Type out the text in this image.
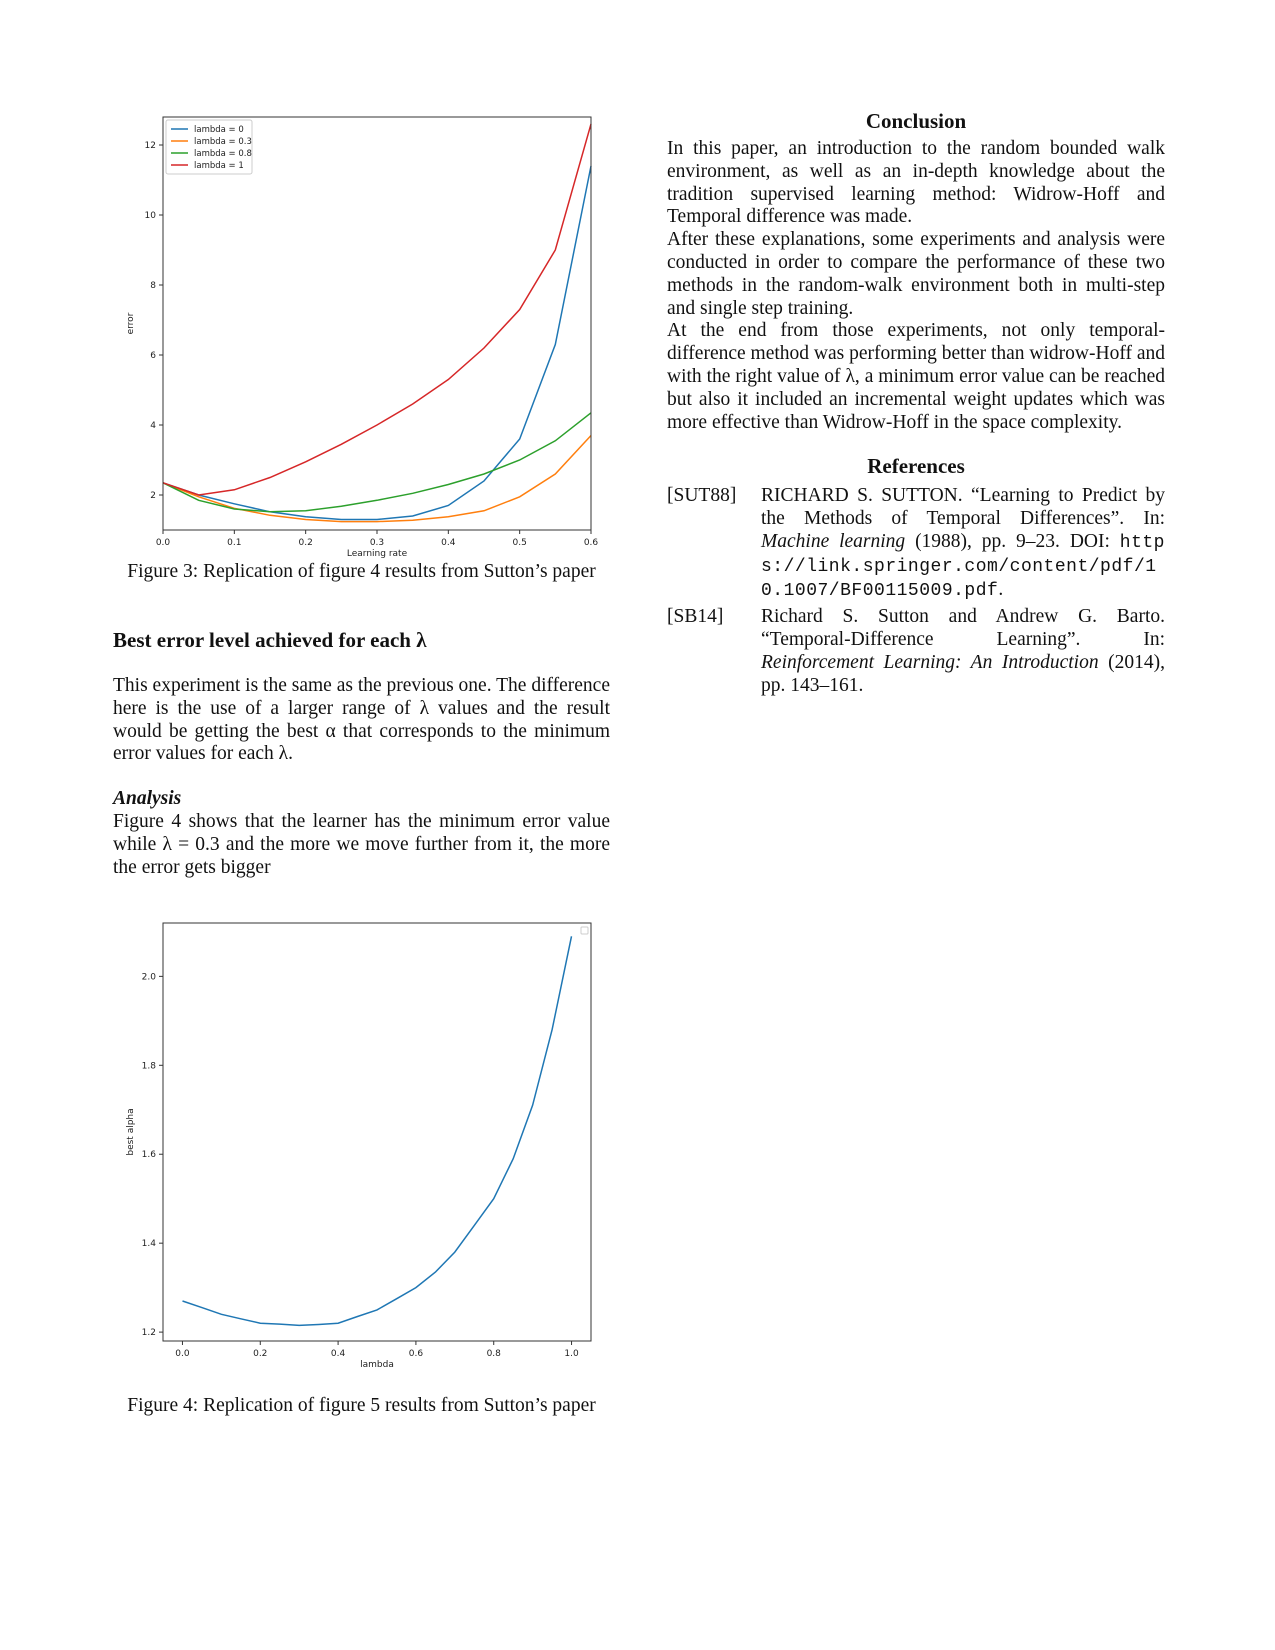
0.0	0.1	0.2	0.3	0.4	0.5	0.6
2
4
6
8
10
12
Learning rate
error
lambda = 0
lambda = 0.3
lambda = 0.8
lambda = 1

Figure 3: Replication of figure 4 results from Sutton’s paper

Best error level achieved for each λ

This experiment is the same as the previous one. The difference here is the use of a larger range of λ values and the result would be getting the best α that corresponds to the minimum error values for each λ.

Analysis

Figure 4 shows that the learner has the minimum error value while λ = 0.3 and the more we move further from it, the more the error gets bigger

0.0	0.2	0.4	0.6	0.8	1.0
1.2
1.4
1.6
1.8
2.0
lambda
best alpha

Figure 4: Replication of figure 5 results from Sutton’s paper

Conclusion

In this paper, an introduction to the random bounded walk environment, as well as an in-depth knowledge about the tradition supervised learning method: Widrow-Hoff and Temporal difference was made.

After these explanations, some experiments and analysis were conducted in order to compare the performance of these two methods in the random-walk environment both in multi-step and single step training.

At the end from those experiments, not only temporal-difference method was performing better than widrow-Hoff and with the right value of λ, a minimum error value can be reached but also it included an incremental weight updates which was more effective than Widrow-Hoff in the space complexity.

References
[SUT88]	RICHARD S. SUTTON. “Learning to Predict by the Methods of Temporal Differences”. In: Machine learning (1988), pp. 9–23. DOI: https://link.springer.com/content/pdf/10.1007/BF00115009.pdf.
[SB14]	Richard S. Sutton and Andrew G. Barto. “Temporal-Difference Learning”.	In: Reinforcement Learning: An Introduction (2014), pp. 143–161.
